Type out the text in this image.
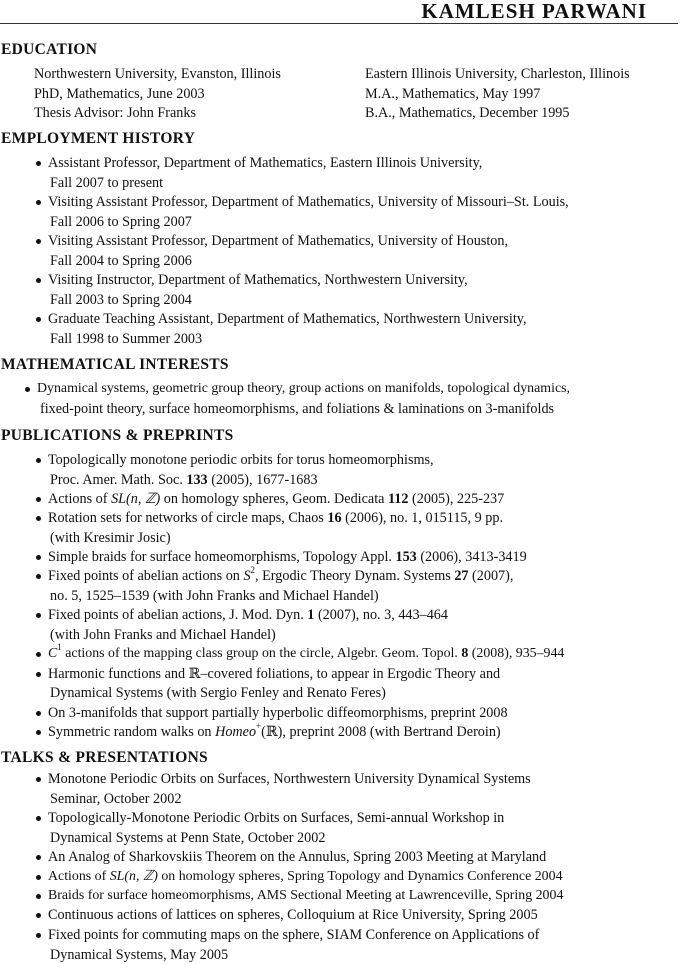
KAMLESH PARWANI
EDUCATION
Northwestern University, Evanston, Illinois
PhD, Mathematics, June 2003
Thesis Advisor: John Franks
Eastern Illinois University, Charleston, Illinois
M.A., Mathematics, May 1997
B.A., Mathematics, December 1995
EMPLOYMENT HISTORY
Assistant Professor, Department of Mathematics, Eastern Illinois University,
Fall 2007 to present
Visiting Assistant Professor, Department of Mathematics, University of Missouri–St. Louis,
Fall 2006 to Spring 2007
Visiting Assistant Professor, Department of Mathematics, University of Houston,
Fall 2004 to Spring 2006
Visiting Instructor, Department of Mathematics, Northwestern University,
Fall 2003 to Spring 2004
Graduate Teaching Assistant, Department of Mathematics, Northwestern University,
Fall 1998 to Summer 2003
MATHEMATICAL INTERESTS
Dynamical systems, geometric group theory, group actions on manifolds, topological dynamics,
fixed-point theory, surface homeomorphisms, and foliations & laminations on 3-manifolds
PUBLICATIONS & PREPRINTS
Topologically monotone periodic orbits for torus homeomorphisms,
Proc. Amer. Math. Soc. 133 (2005), 1677-1683
Actions of SL(n, ℤ) on homology spheres, Geom. Dedicata 112 (2005), 225-237
Rotation sets for networks of circle maps, Chaos 16 (2006), no. 1, 015115, 9 pp.
(with Kresimir Josic)
Simple braids for surface homeomorphisms, Topology Appl. 153 (2006), 3413-3419
Fixed points of abelian actions on $S^2$, Ergodic Theory Dynam. Systems 27 (2007),
no. 5, 1525–1539 (with John Franks and Michael Handel)
Fixed points of abelian actions, J. Mod. Dyn. 1 (2007), no. 3, 443–464
(with John Franks and Michael Handel)
$C^1$ actions of the mapping class group on the circle, Algebr. Geom. Topol. 8 (2008), 935–944
Harmonic functions and ℝ–covered foliations, to appear in Ergodic Theory and
Dynamical Systems (with Sergio Fenley and Renato Feres)
On 3-manifolds that support partially hyperbolic diffeomorphisms, preprint 2008
Symmetric random walks on Homeo+(ℝ), preprint 2008 (with Bertrand Deroin)
TALKS & PRESENTATIONS
Monotone Periodic Orbits on Surfaces, Northwestern University Dynamical Systems
Seminar, October 2002
Topologically-Monotone Periodic Orbits on Surfaces, Semi-annual Workshop in
Dynamical Systems at Penn State, October 2002
An Analog of Sharkovskiis Theorem on the Annulus, Spring 2003 Meeting at Maryland
Actions of SL(n, ℤ) on homology spheres, Spring Topology and Dynamics Conference 2004
Braids for surface homeomorphisms, AMS Sectional Meeting at Lawrenceville, Spring 2004
Continuous actions of lattices on spheres, Colloquium at Rice University, Spring 2005
Fixed points for commuting maps on the sphere, SIAM Conference on Applications of
Dynamical Systems, May 2005
